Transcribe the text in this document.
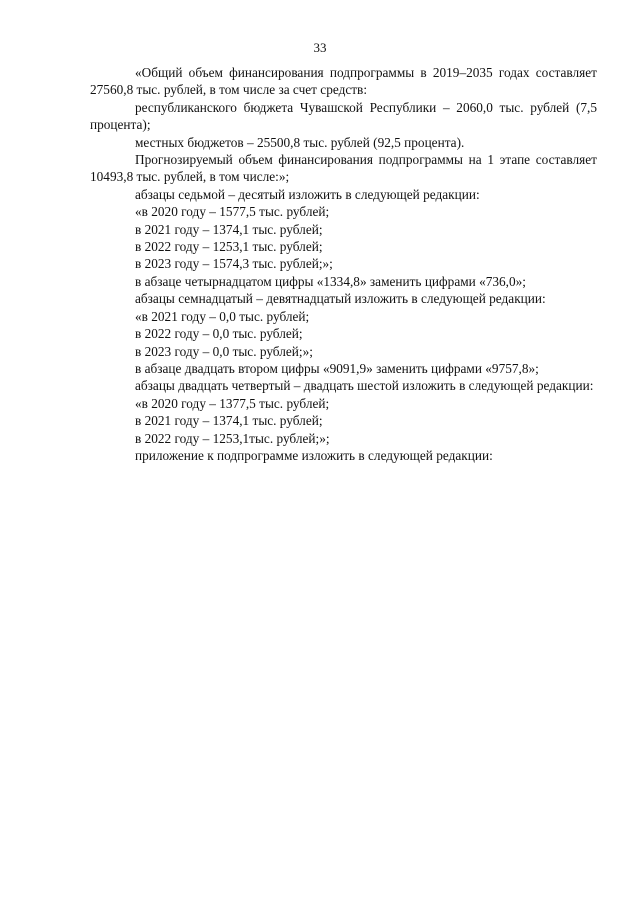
33

«Общий объем финансирования подпрограммы в 2019–2035 годах составляет 27560,8 тыс. рублей, в том числе за счет средств:

республиканского бюджета Чувашской Республики – 2060,0 тыс. рублей (7,5 процента);

местных бюджетов – 25500,8 тыс. рублей (92,5 процента).

Прогнозируемый объем финансирования подпрограммы на 1 этапе составляет 10493,8 тыс. рублей, в том числе:»;

абзацы седьмой – десятый изложить в следующей редакции:

«в 2020 году – 1577,5 тыс. рублей;

в 2021 году – 1374,1 тыс. рублей;

в 2022 году – 1253,1 тыс. рублей;

в 2023 году – 1574,3 тыс. рублей;»;

в абзаце четырнадцатом цифры «1334,8» заменить цифрами «736,0»;

абзацы семнадцатый – девятнадцатый изложить в следующей редакции:

«в 2021 году – 0,0 тыс. рублей;

в 2022 году – 0,0 тыс. рублей;

в 2023 году – 0,0 тыс. рублей;»;

в абзаце двадцать втором цифры «9091,9» заменить цифрами «9757,8»;

абзацы двадцать четвертый – двадцать шестой изложить в следующей редакции:

«в 2020 году – 1377,5 тыс. рублей;

в 2021 году – 1374,1 тыс. рублей;

в 2022 году – 1253,1тыс. рублей;»;

приложение к подпрограмме изложить в следующей редакции:
